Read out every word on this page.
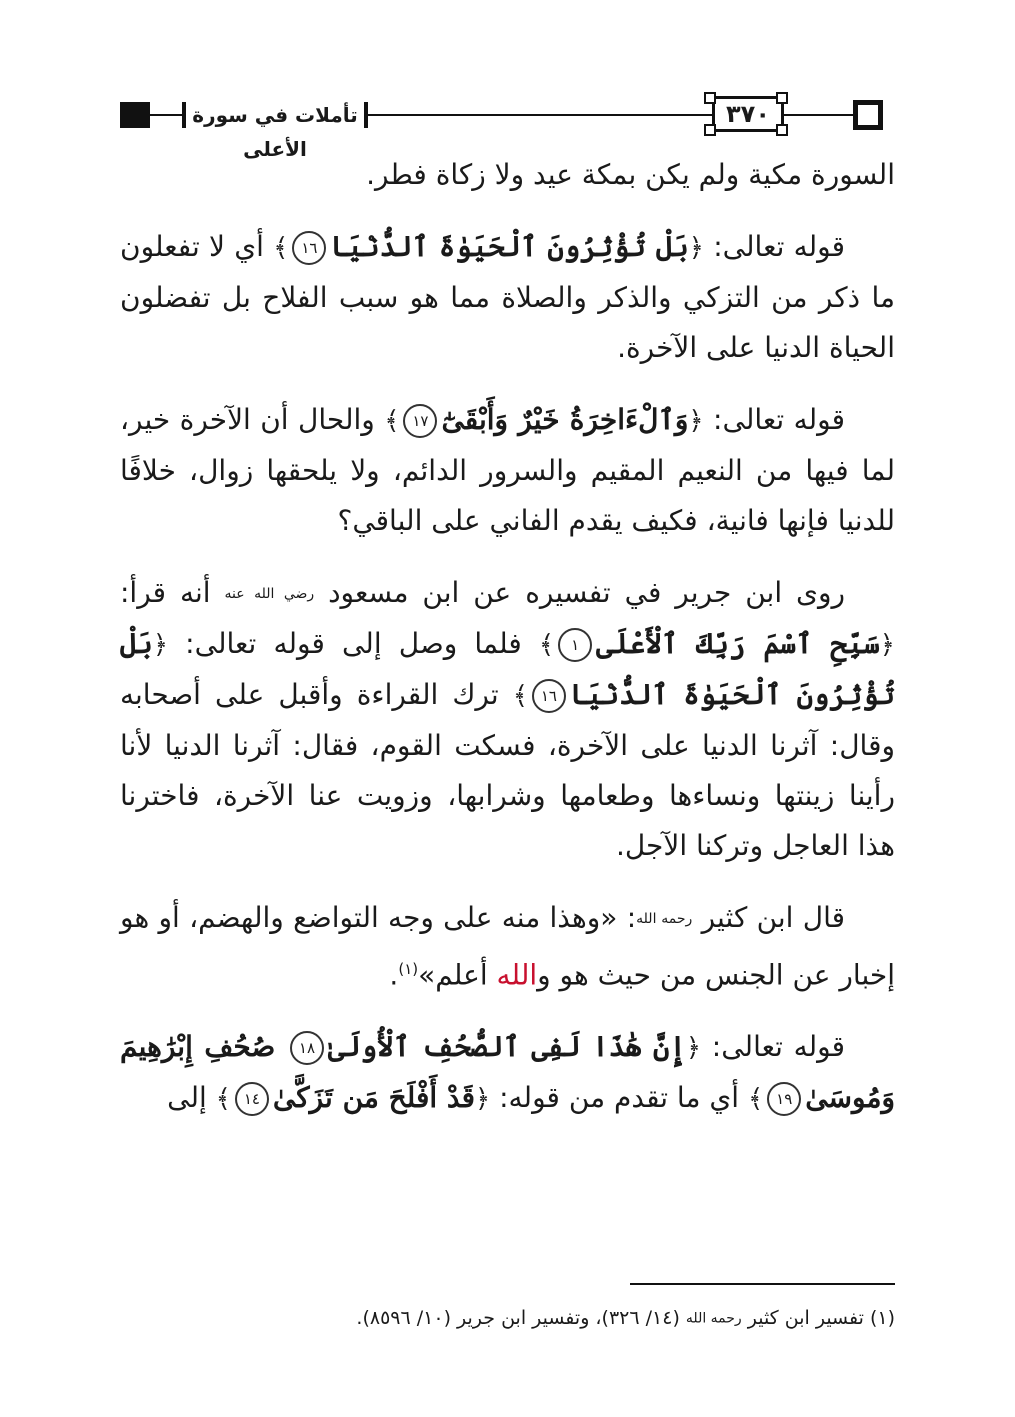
تأملات في سورة الأعلى
٣٧٠

السورة مكية ولم يكن بمكة عيد ولا زكاة فطر.

قوله تعالى: ﴿بَلْ تُؤْثِرُونَ ٱلْحَيَوٰةَ ٱلدُّنْيَا١٦﴾ أي لا تفعلون ما ذكر من التزكي والذكر والصلاة مما هو سبب الفلاح بل تفضلون الحياة الدنيا على الآخرة.

قوله تعالى: ﴿وَٱلْءَاخِرَةُ خَيْرٌ وَأَبْقَىٰٓ١٧﴾ والحال أن الآخرة خير، لما فيها من النعيم المقيم والسرور الدائم، ولا يلحقها زوال، خلافًا للدنيا فإنها فانية، فكيف يقدم الفاني على الباقي؟

روى ابن جرير في تفسيره عن ابن مسعود رضي الله عنه أنه قرأ: ﴿سَبِّحِ ٱسْمَ رَبِّكَ ٱلْأَعْلَى١﴾ فلما وصل إلى قوله تعالى: ﴿بَلْ تُؤْثِرُونَ ٱلْحَيَوٰةَ ٱلدُّنْيَا١٦﴾ ترك القراءة وأقبل على أصحابه وقال: آثرنا الدنيا على الآخرة، فسكت القوم، فقال: آثرنا الدنيا لأنا رأينا زينتها ونساءها وطعامها وشرابها، وزويت عنا الآخرة، فاخترنا هذا العاجل وتركنا الآجل.

قال ابن كثير رحمه الله: «وهذا منه على وجه التواضع والهضم، أو هو إخبار عن الجنس من حيث هو والله أعلم»$^{(١)}$.

قوله تعالى: ﴿إِنَّ هَٰذَا لَفِى ٱلصُّحُفِ ٱلْأُولَىٰ١٨ صُحُفِ إِبْرَٰهِيمَ وَمُوسَىٰ١٩﴾ أي ما تقدم من قوله: ﴿قَدْ أَفْلَحَ مَن تَزَكَّىٰ١٤﴾ إلى

(١) تفسير ابن كثير رحمه الله (١٤/ ٣٢٦)، وتفسير ابن جرير (١٠/ ٨٥٩٦).
